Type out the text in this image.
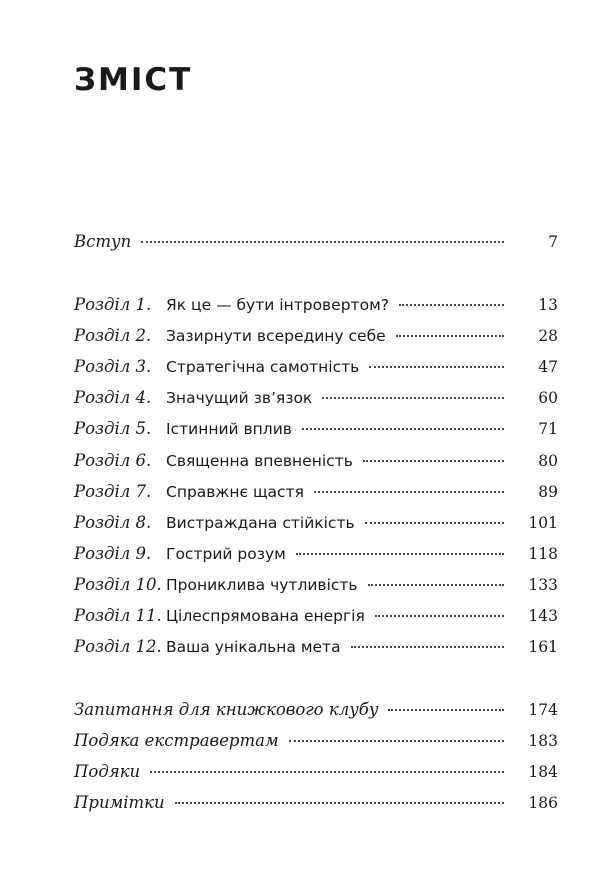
ЗМІСТ
Вступ	7
Розділ 1. Як це — бути інтровертом?	13
Розділ 2. Зазирнути всередину себе	28
Розділ 3. Стратегічна самотність	47
Розділ 4. Значущий зв’язок	60
Розділ 5. Істинний вплив	71
Розділ 6. Священна впевненість	80
Розділ 7. Справжнє щастя	89
Розділ 8. Вистраждана стійкість	101
Розділ 9. Гострий розум	118
Розділ 10. Прониклива чутливість	133
Розділ 11. Цілеспрямована енергія	143
Розділ 12. Ваша унікальна мета	161
Запитання для книжкового клубу	174
Подяка екстравертам	183
Подяки	184
Примітки	186
